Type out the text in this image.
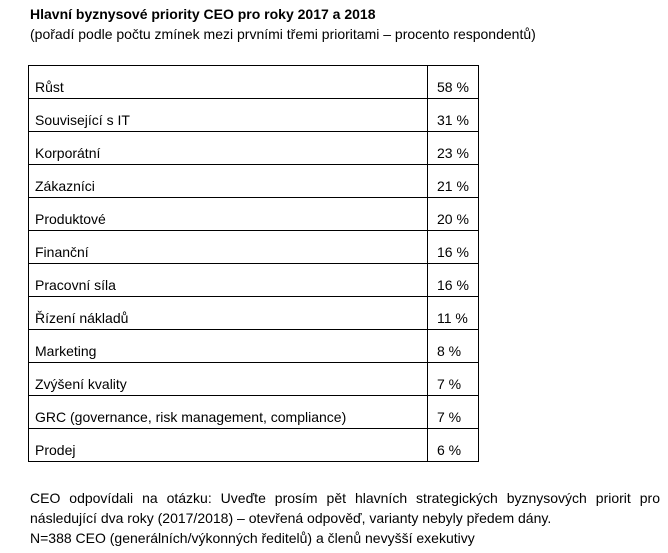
Hlavní byznysové priority CEO pro roky 2017 a 2018
(pořadí podle počtu zmínek mezi prvními třemi prioritami – procento respondentů)
Růst	58 %
Související s IT	31 %
Korporátní	23 %
Zákazníci	21 %
Produktové	20 %
Finanční	16 %
Pracovní síla	16 %
Řízení nákladů	11 %
Marketing	8 %
Zvýšení kvality	7 %
GRC (governance, risk management, compliance)	7 %
Prodej	6 %
CEO odpovídali na otázku: Uveďte prosím pět hlavních strategických byznysových priorit pro
následující dva roky (2017/2018) – otevřená odpověď, varianty nebyly předem dány.
N=388 CEO (generálních/výkonných ředitelů) a členů nevyšší exekutivy
